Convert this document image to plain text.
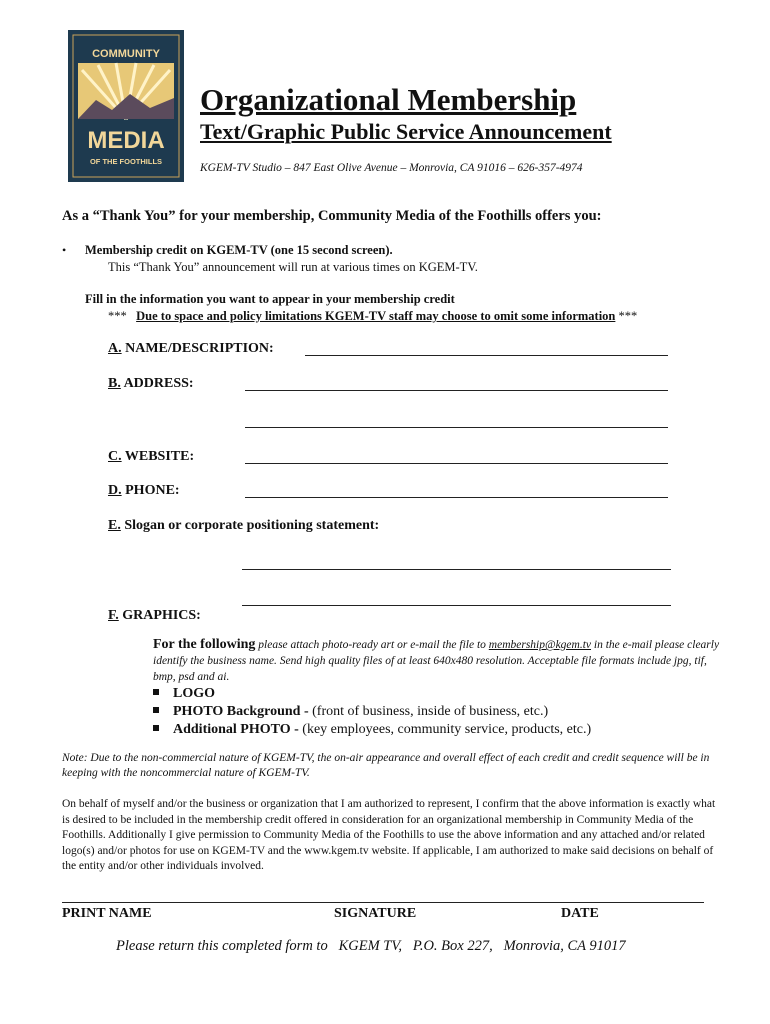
COMMUNITY
MEDIA
OF THE FOOTHILLS
Organizational Membership
Text/Graphic Public Service Announcement
KGEM-TV Studio – 847 East Olive Avenue – Monrovia, CA 91016 – 626-357-4974
As a “Thank You” for your membership, Community Media of the Foothills offers you:
• Membership credit on KGEM-TV (one 15 second screen).
This “Thank You” announcement will run at various times on KGEM-TV.
Fill in the information you want to appear in your membership credit
*** Due to space and policy limitations KGEM-TV staff may choose to omit some information ***
A. NAME/DESCRIPTION:
B. ADDRESS:
C. WEBSITE:
D. PHONE:
E. Slogan or corporate positioning statement:
F. GRAPHICS:
For the following please attach photo-ready art or e-mail the file to membership@kgem.tv in the e-mail please clearly identify the business name. Send high quality files of at least 640x480 resolution. Acceptable file formats include jpg, tif, bmp, psd and ai.
LOGO
PHOTO Background - (front of business, inside of business, etc.)
Additional PHOTO - (key employees, community service, products, etc.)
Note: Due to the non-commercial nature of KGEM-TV, the on-air appearance and overall effect of each credit and credit sequence will be in keeping with the noncommercial nature of KGEM-TV.
On behalf of myself and/or the business or organization that I am authorized to represent, I confirm that the above information is exactly what is desired to be included in the membership credit offered in consideration for an organizational membership in Community Media of the Foothills. Additionally I give permission to Community Media of the Foothills to use the above information and any attached and/or related logo(s) and/or photos for use on KGEM-TV and the www.kgem.tv website. If applicable, I am authorized to make said decisions on behalf of the entity and/or other individuals involved.
PRINT NAME	SIGNATURE	DATE
Please return this completed form to   KGEM TV,   P.O. Box 227,   Monrovia, CA 91017
